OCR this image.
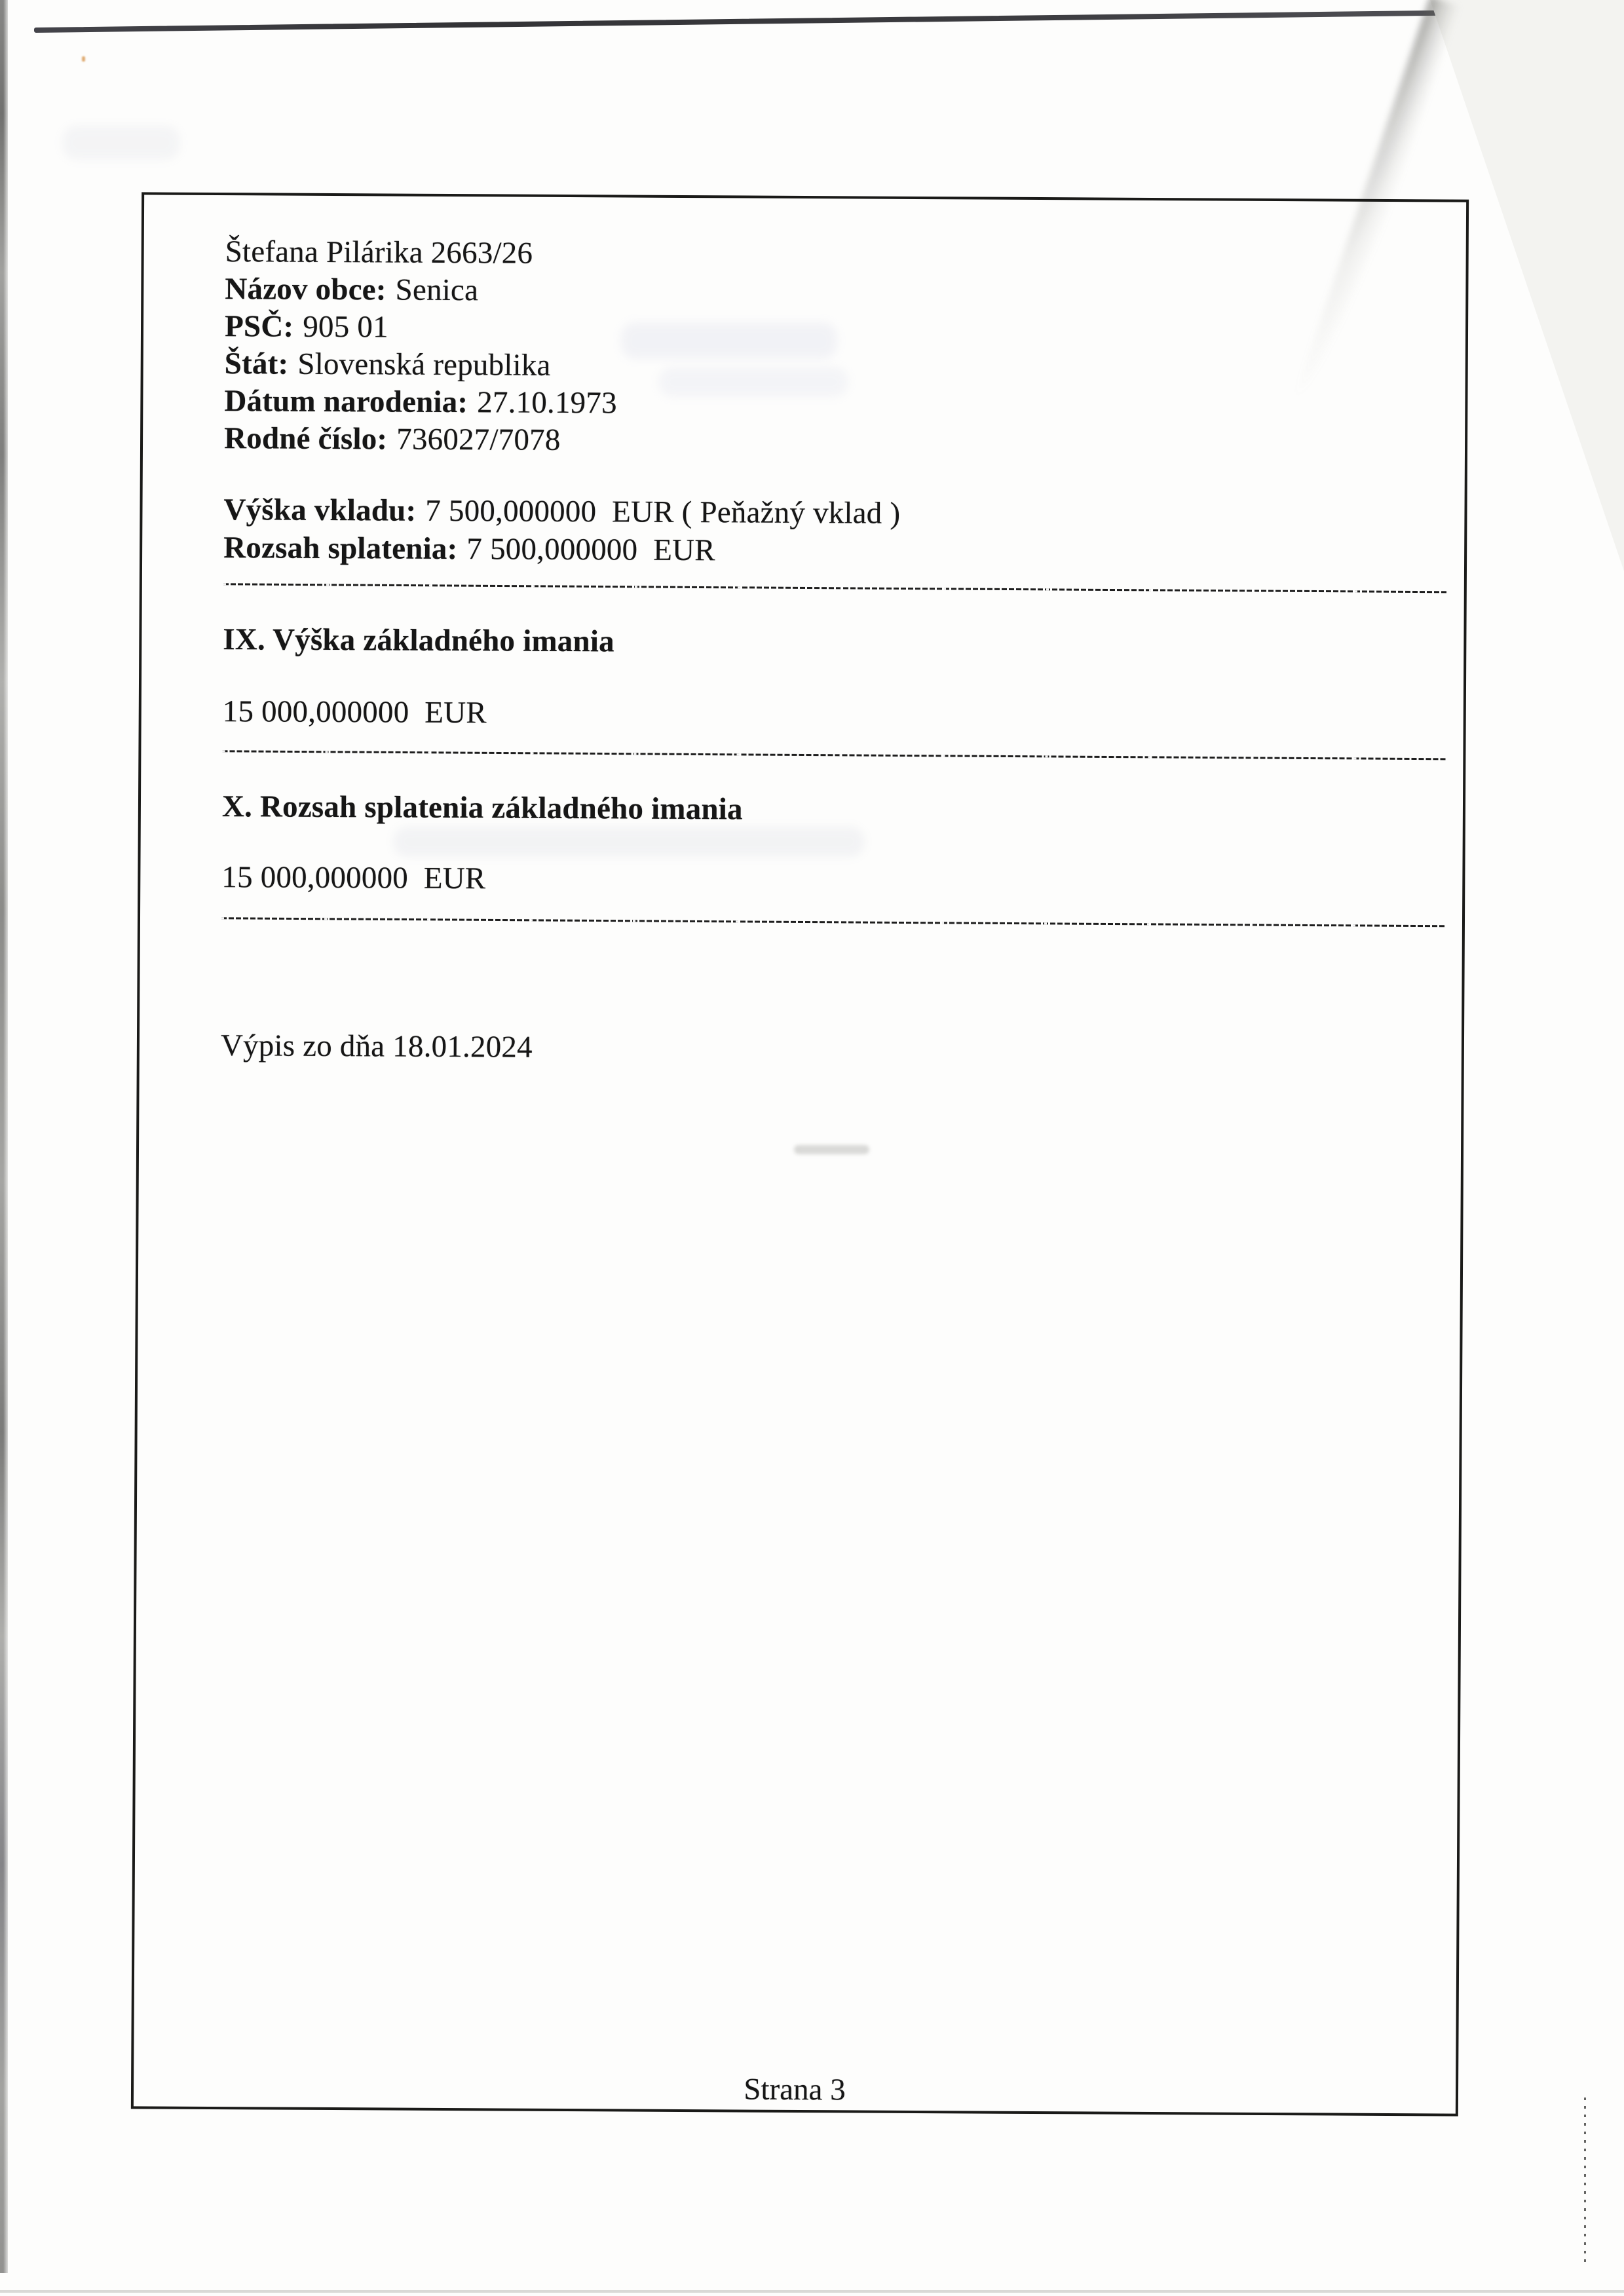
Štefana Pilárika 2663/26
Názov obce: Senica
PSČ: 905 01
Štát: Slovenská republika
Dátum narodenia: 27.10.1973
Rodné číslo: 736027/7078
Výška vkladu: 7 500,000000  EUR ( Peňažný vklad )
Rozsah splatenia: 7 500,000000  EUR
IX. Výška základného imania
15 000,000000  EUR
X. Rozsah splatenia základného imania
15 000,000000  EUR
Výpis zo dňa 18.01.2024
Strana 3
